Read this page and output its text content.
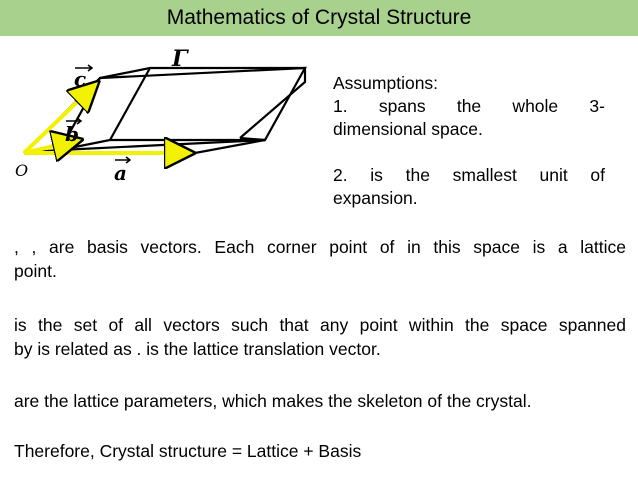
Mathematics of Crystal Structure
Γ
c
b
a
O
Assumptions:
1. spans the whole 3-
dimensional space.

2. is the smallest unit of
expansion.
, , are basis vectors. Each corner point of in this space is a lattice
point.
is the set of all vectors such that any point within the space spanned
by is related as . is the lattice translation vector.
are the lattice parameters, which makes the skeleton of the crystal.
Therefore, Crystal structure = Lattice + Basis
